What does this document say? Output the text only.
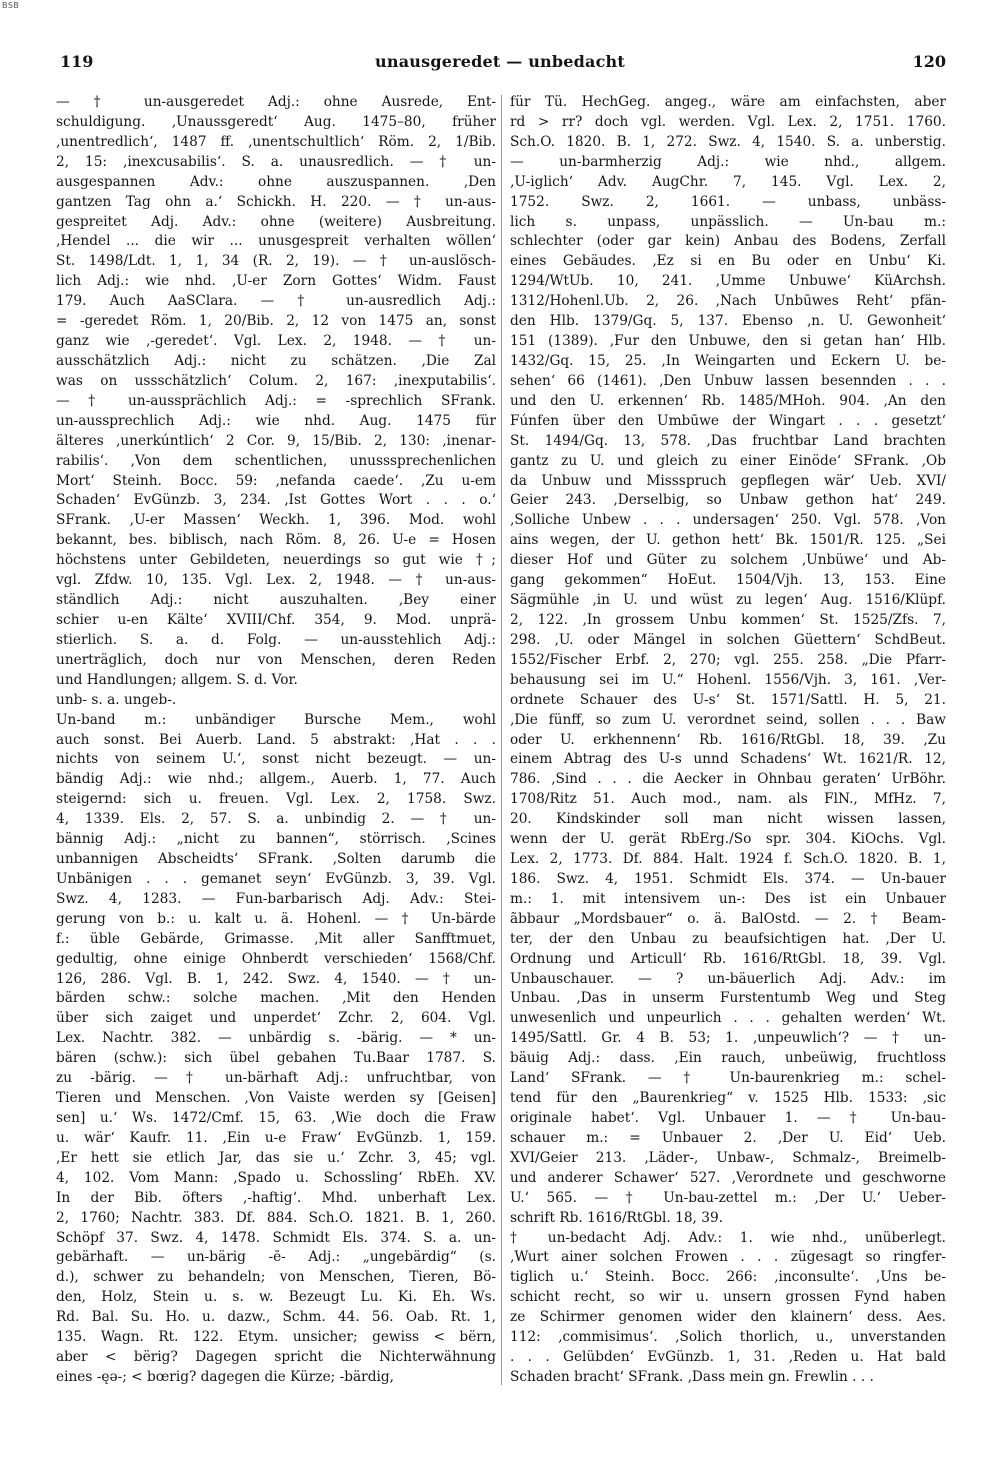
BSB
119	unausgeredet — unbedacht	120
— † un-ausgeredet Adj.: ohne Ausrede, Ent-
schuldigung. ‚Unaussgeredt‘ Aug. 1475–80, früher
‚unentredlich‘, 1487 ff. ‚unentschultlich‘ Röm. 2, 1/Bib.
2, 15: ‚inexcusabilis‘. S. a. unausredlich. — † un-
ausgespannen Adv.: ohne auszuspannen. ‚Den
gantzen Tag ohn a.‘ Schickh. H. 220. — † un-aus-
gespreitet Adj. Adv.: ohne (weitere) Ausbreitung.
‚Hendel ... die wir ... unusgespreit verhalten wöllen‘
St. 1498/Ldt. 1, 1, 34 (R. 2, 19). — † un-auslösch-
lich Adj.: wie nhd. ‚U-er Zorn Gottes‘ Widm. Faust
179. Auch AaSClara. — † un-ausredlich Adj.:
= -geredet Röm. 1, 20/Bib. 2, 12 von 1475 an, sonst
ganz wie ‚-geredet‘. Vgl. Lex. 2, 1948. — † un-
ausschätzlich Adj.: nicht zu schätzen. ‚Die Zal
was on ussschätzlich‘ Colum. 2, 167: ‚inexputabilis‘.
— † un-aussprächlich Adj.: = -sprechlich SFrank.
un-aussprechlich Adj.: wie nhd. Aug. 1475 für
älteres ‚unerkúntlich‘ 2 Cor. 9, 15/Bib. 2, 130: ‚inenar-
rabilis‘. ‚Von dem schentlichen, unusssprechenlichen
Mort‘ Steinh. Bocc. 59: ‚nefanda caede‘. ‚Zu u-em
Schaden‘ EvGünzb. 3, 234. ‚Ist Gottes Wort . . . o.‘
SFrank. ‚U-er Massen‘ Weckh. 1, 396. Mod. wohl
bekannt, bes. biblisch, nach Röm. 8, 26. U-e = Hosen
höchstens unter Gebildeten, neuerdings so gut wie †;
vgl. Zfdw. 10, 135. Vgl. Lex. 2, 1948. — † un-aus-
ständlich Adj.: nicht auszuhalten. ‚Bey einer
schier u-en Kälte‘ XVIII/Chf. 354, 9. Mod. unprä-
stierlich. S. a. d. Folg. — un-ausstehlich Adj.:
unerträglich, doch nur von Menschen, deren Reden
und Handlungen; allgem. S. d. Vor.
unb- s. a. ungeb-.
Un-band m.: unbändiger Bursche Mem., wohl
auch sonst. Bei Auerb. Land. 5 abstrakt: ‚Hat . . .
nichts von seinem U.‘, sonst nicht bezeugt. — un-
bändig Adj.: wie nhd.; allgem., Auerb. 1, 77. Auch
steigernd: sich u. freuen. Vgl. Lex. 2, 1758. Swz.
4, 1339. Els. 2, 57. S. a. unbindig 2. — † un-
bännig Adj.: „nicht zu bannen“, störrisch. ‚Scines
unbannigen Abscheidts‘ SFrank. ‚Solten darumb die
Unbänigen . . . gemanet seyn‘ EvGünzb. 3, 39. Vgl.
Swz. 4, 1283. — Fun-barbarisch Adj. Adv.: Stei-
gerung von b.: u. kalt u. ä. Hohenl. — † Un-bärde
f.: üble Gebärde, Grimasse. ‚Mit aller Sanfftmuet,
gedultig, ohne einige Ohnberdt verschieden‘ 1568/Chf.
126, 286. Vgl. B. 1, 242. Swz. 4, 1540. — † un-
bärden schw.: solche machen. ‚Mit den Henden
über sich zaiget und unperdet‘ Zchr. 2, 604. Vgl.
Lex. Nachtr. 382. — unbärdig s. -bärig. — * un-
bären (schw.): sich übel gebahen Tu.Baar 1787. S.
zu -bärig. — † un-bärhaft Adj.: unfruchtbar, von
Tieren und Menschen. ‚Von Vaiste werden sy [Geisen]
sen] u.‘ Ws. 1472/Cmf. 15, 63. ‚Wie doch die Fraw
u. wär‘ Kaufr. 11. ‚Ein u-e Fraw‘ EvGünzb. 1, 159.
‚Er hett sie etlich Jar, das sie u.‘ Zchr. 3, 45; vgl.
4, 102. Vom Mann: ‚Spado u. Schossling‘ RbEh. XV.
In der Bib. öfters ‚-haftig‘. Mhd. unberhaft Lex.
2, 1760; Nachtr. 383. Df. 884. Sch.O. 1821. B. 1, 260.
Schöpf 37. Swz. 4, 1478. Schmidt Els. 374. S. a. un-
gebärhaft. — un-bärig -ē- Adj.: „ungebärdig“ (s.
d.), schwer zu behandeln; von Menschen, Tieren, Bö-
den, Holz, Stein u. s. w. Bezeugt Lu. Ki. Eh. Ws.
Rd. Bal. Su. Ho. u. dazw., Schm. 44. 56. Oab. Rt. 1,
135. Wagn. Rt. 122. Etym. unsicher; gewiss < bërn,
aber < bërig? Dagegen spricht die Nichterwähnung
eines -ęə-; < bœrig? dagegen die Kürze; -bärdig,
für Tü. HechGeg. angeg., wäre am einfachsten, aber
rd > rr? doch vgl. werden. Vgl. Lex. 2, 1751. 1760.
Sch.O. 1820. B. 1, 272. Swz. 4, 1540. S. a. unberstig.
— un-barmherzig Adj.: wie nhd., allgem.
‚U-iglich‘ Adv. AugChr. 7, 145. Vgl. Lex. 2,
1752. Swz. 2, 1661. — unbass, unbäss-
lich s. unpass, unpässlich. — Un-bau m.:
schlechter (oder gar kein) Anbau des Bodens, Zerfall
eines Gebäudes. ‚Ez si en Bu oder en Unbu‘ Ki.
1294/WtUb. 10, 241. ‚Umme Unbuwe‘ KüArchsh.
1312/Hohenl.Ub. 2, 26. ‚Nach Unbūwes Reht‘ pfän-
den Hlb. 1379/Gq. 5, 137. Ebenso ‚n. U. Gewonheit‘
151 (1389). ‚Fur den Unbuwe, den si getan han‘ Hlb.
1432/Gq. 15, 25. ‚In Weingarten und Eckern U. be-
sehen‘ 66 (1461). ‚Den Unbuw lassen besennden . . .
und den U. erkennen‘ Rb. 1485/MHoh. 904. ‚An den
Fúnfen über den Umbūwe der Wingart . . . gesetzt‘
St. 1494/Gq. 13, 578. ‚Das fruchtbar Land brachten
gantz zu U. und gleich zu einer Einöde‘ SFrank. ‚Ob
da Unbuw und Missspruch gepflegen wär‘ Ueb. XVI/
Geier 243. ‚Derselbig, so Unbaw gethon hat‘ 249.
‚Solliche Unbew . . . undersagen‘ 250. Vgl. 578. ‚Von
ains wegen, der U. gethon hett‘ Bk. 1501/R. 125. „Sei
dieser Hof und Güter zu solchem ‚Unbüwe‘ und Ab-
gang gekommen“ HoEut. 1504/Vjh. 13, 153. Eine
Sägmühle ‚in U. und wüst zu legen‘ Aug. 1516/Klüpf.
2, 122. ‚In grossem Unbu kommen‘ St. 1525/Zfs. 7,
298. ‚U. oder Mängel in solchen Güettern‘ SchdBeut.
1552/Fischer Erbf. 2, 270; vgl. 255. 258. „Die Pfarr-
behausung sei im U.“ Hohenl. 1556/Vjh. 3, 161. ‚Ver-
ordnete Schauer des U-s‘ St. 1571/Sattl. H. 5, 21.
‚Die fünff, so zum U. verordnet seind, sollen . . . Baw
oder U. erkhennenn‘ Rb. 1616/RtGbl. 18, 39. ‚Zu
einem Abtrag des U-s unnd Schadens‘ Wt. 1621/R. 12,
786. ‚Sind . . . die Aecker in Ohnbau geraten‘ UrBöhr.
1708/Ritz 51. Auch mod., nam. als FlN., MfHz. 7,
20. Kindskinder soll man nicht wissen lassen,
wenn der U. gerät RbErg./So spr. 304. KiOchs. Vgl.
Lex. 2, 1773. Df. 884. Halt. 1924 f. Sch.O. 1820. B. 1,
186. Swz. 4, 1951. Schmidt Els. 374. — Un-bauer
m.: 1. mit intensivem un-: Des ist ein Unbauer
ãbbaur „Mordsbauer“ o. ä. BalOstd. — 2. † Beam-
ter, der den Unbau zu beaufsichtigen hat. ‚Der U.
Ordnung und Articull‘ Rb. 1616/RtGbl. 18, 39. Vgl.
Unbauschauer. — ? un-bäuerlich Adj. Adv.: im
Unbau. ‚Das in unserm Furstentumb Weg und Steg
unwesenlich und unpeurlich . . . gehalten werden‘ Wt.
1495/Sattl. Gr. 4 B. 53; 1. ‚unpeuwlich‘? — † un-
bäuig Adj.: dass. ‚Ein rauch, unbeüwig, fruchtloss
Land‘ SFrank. — † Un-baurenkrieg m.: schel-
tend für den „Baurenkrieg“ v. 1525 Hlb. 1533: ‚sic
originale habet‘. Vgl. Unbauer 1. — † Un-bau-
schauer m.: = Unbauer 2. ‚Der U. Eid‘ Ueb.
XVI/Geier 213. ‚Läder-, Unbaw-, Schmalz-, Breimelb-
und anderer Schawer‘ 527. ‚Verordnete und geschworne
U.‘ 565. — † Un-bau-zettel m.: ‚Der U.‘ Ueber-
schrift Rb. 1616/RtGbl. 18, 39.
† un-bedacht Adj. Adv.: 1. wie nhd., unüberlegt.
‚Wurt ainer solchen Frowen . . . zügesagt so ringfer-
tiglich u.‘ Steinh. Bocc. 266: ‚inconsulte‘. ‚Uns be-
schicht recht, so wir u. unsern grossen Fynd haben
ze Schirmer genomen wider den klainern‘ dess. Aes.
112: ‚commisimus‘. ‚Solich thorlich, u., unverstanden
. . . Gelübden‘ EvGünzb. 1, 31. ‚Reden u. Hat bald
Schaden bracht‘ SFrank. ‚Dass mein gn. Frewlin . . .
